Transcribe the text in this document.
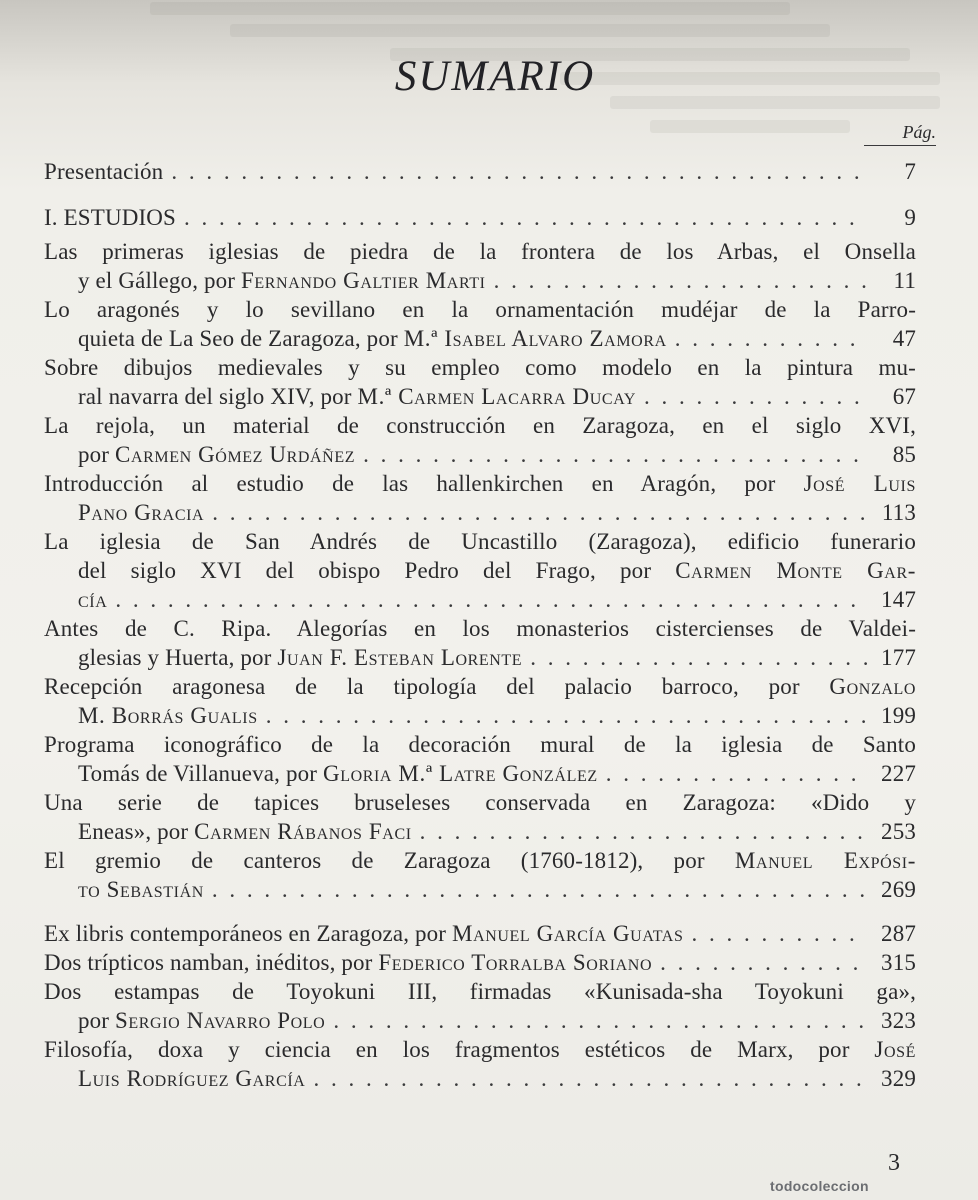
SUMARIO
Pág.
Presentación . . .	7
I. ESTUDIOS . . .	9
Las primeras iglesias de piedra de la frontera de los Arbas, el Onsella
y el Gállego, por Fernando Galtier Marti . . .	11
Lo aragonés y lo sevillano en la ornamentación mudéjar de la Parro-
quieta de La Seo de Zaragoza, por M.ª Isabel Alvaro Zamora . . .	47
Sobre dibujos medievales y su empleo como modelo en la pintura mu-
ral navarra del siglo XIV, por M.ª Carmen Lacarra Ducay . . .	67
La rejola, un material de construcción en Zaragoza, en el siglo XVI,
por Carmen Gómez Urdáñez . . .	85
Introducción al estudio de las hallenkirchen en Aragón, por José Luis
Pano Gracia . . .	113
La iglesia de San Andrés de Uncastillo (Zaragoza), edificio funerario
del siglo XVI del obispo Pedro del Frago, por Carmen Monte Gar-
cía . . .	147
Antes de C. Ripa. Alegorías en los monasterios cistercienses de Valdei-
glesias y Huerta, por Juan F. Esteban Lorente . . .	177
Recepción aragonesa de la tipología del palacio barroco, por Gonzalo
M. Borrás Gualis . . .	199
Programa iconográfico de la decoración mural de la iglesia de Santo
Tomás de Villanueva, por Gloria M.ª Latre González . . .	227
Una serie de tapices bruseleses conservada en Zaragoza: «Dido y
Eneas», por Carmen Rábanos Faci . . .	253
El gremio de canteros de Zaragoza (1760-1812), por Manuel Expósi-
to Sebastián . . .	269
Ex libris contemporáneos en Zaragoza, por Manuel García Guatas . . .	287
Dos trípticos namban, inéditos, por Federico Torralba Soriano . . .	315
Dos estampas de Toyokuni III, firmadas «Kunisada-sha Toyokuni ga»,
por Sergio Navarro Polo . . .	323
Filosofía, doxa y ciencia en los fragmentos estéticos de Marx, por José
Luis Rodríguez García . . .	329
3
todocoleccion
